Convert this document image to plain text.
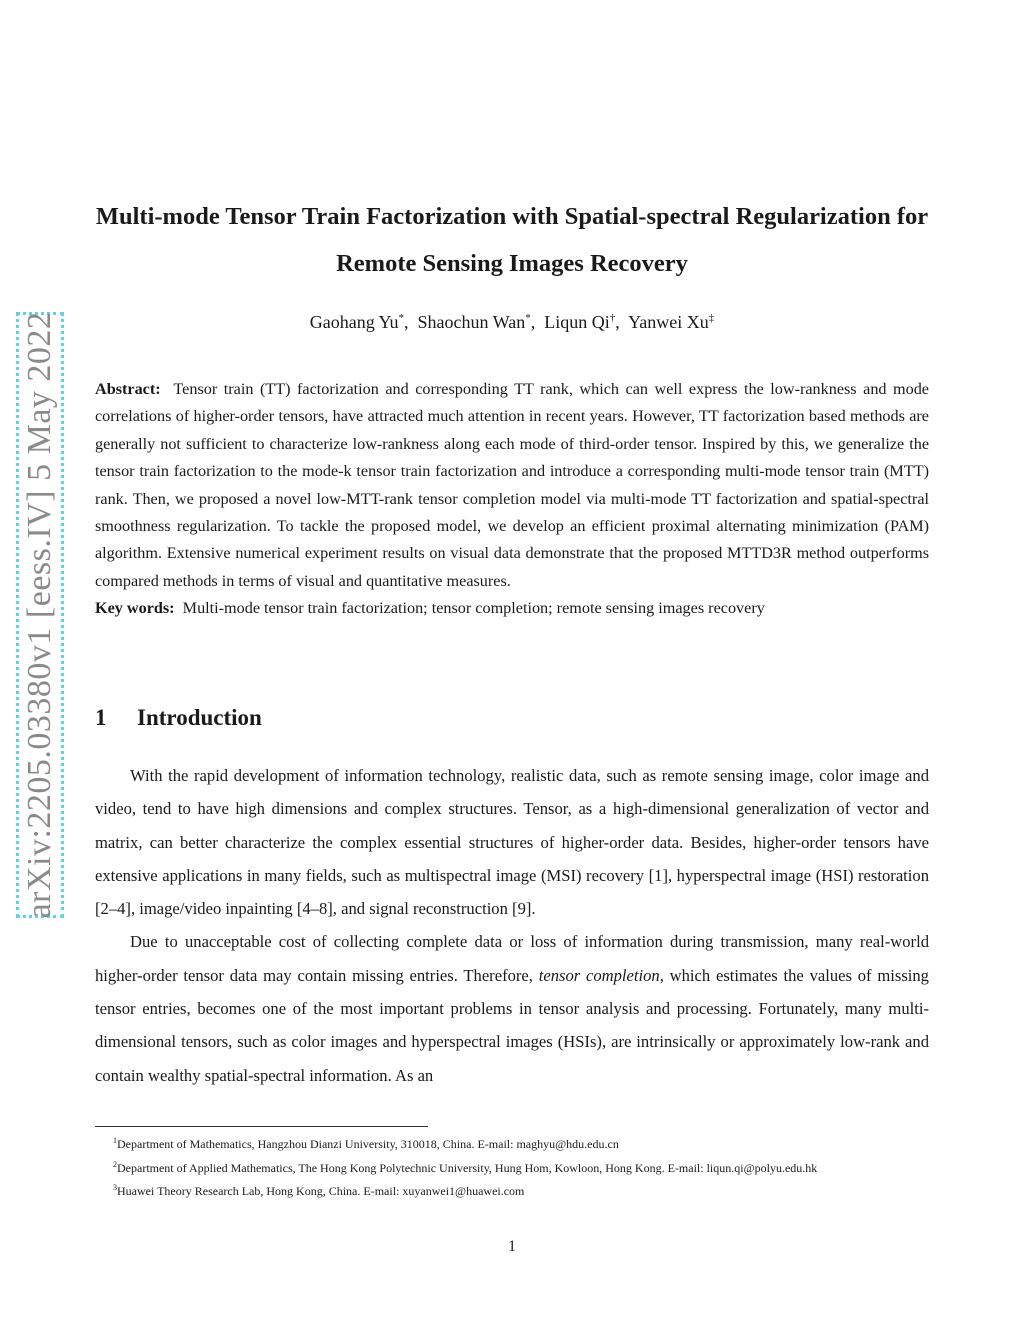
arXiv:2205.03380v1 [eess.IV] 5 May 2022
Multi-mode Tensor Train Factorization with Spatial-spectral Regularization for Remote Sensing Images Recovery
Gaohang Yu*,  Shaochun Wan*,  Liqun Qi†,  Yanwei Xu‡

Abstract: Tensor train (TT) factorization and corresponding TT rank, which can well express the low-rankness and mode correlations of higher-order tensors, have attracted much attention in recent years. However, TT factorization based methods are generally not sufficient to characterize low-rankness along each mode of third-order tensor. Inspired by this, we generalize the tensor train factorization to the mode-k tensor train factorization and introduce a corresponding multi-mode tensor train (MTT) rank. Then, we proposed a novel low-MTT-rank tensor completion model via multi-mode TT factorization and spatial-spectral smoothness regularization. To tackle the proposed model, we develop an efficient proximal alternating minimization (PAM) algorithm. Extensive numerical experiment results on visual data demonstrate that the proposed MTTD3R method outperforms compared methods in terms of visual and quantitative measures.

Key words: Multi-mode tensor train factorization; tensor completion; remote sensing images recovery

1 Introduction

With the rapid development of information technology, realistic data, such as remote sensing image, color image and video, tend to have high dimensions and complex structures. Tensor, as a high-dimensional generalization of vector and matrix, can better characterize the complex essential structures of higher-order data. Besides, higher-order tensors have extensive applications in many fields, such as multispectral image (MSI) recovery [1], hyperspectral image (HSI) restoration [2–4], image/video inpainting [4–8], and signal reconstruction [9].

Due to unacceptable cost of collecting complete data or loss of information during transmission, many real-world higher-order tensor data may contain missing entries. Therefore, tensor completion, which estimates the values of missing tensor entries, becomes one of the most important problems in tensor analysis and processing. Fortunately, many multi-dimensional tensors, such as color images and hyperspectral images (HSIs), are intrinsically or approximately low-rank and contain wealthy spatial-spectral information. As an

$^1$Department of Mathematics, Hangzhou Dianzi University, 310018, China. E-mail: maghyu@hdu.edu.cn

$^2$Department of Applied Mathematics, The Hong Kong Polytechnic University, Hung Hom, Kowloon, Hong Kong. E-mail: liqun.qi@polyu.edu.hk

$^3$Huawei Theory Research Lab, Hong Kong, China. E-mail: xuyanwei1@huawei.com

1
